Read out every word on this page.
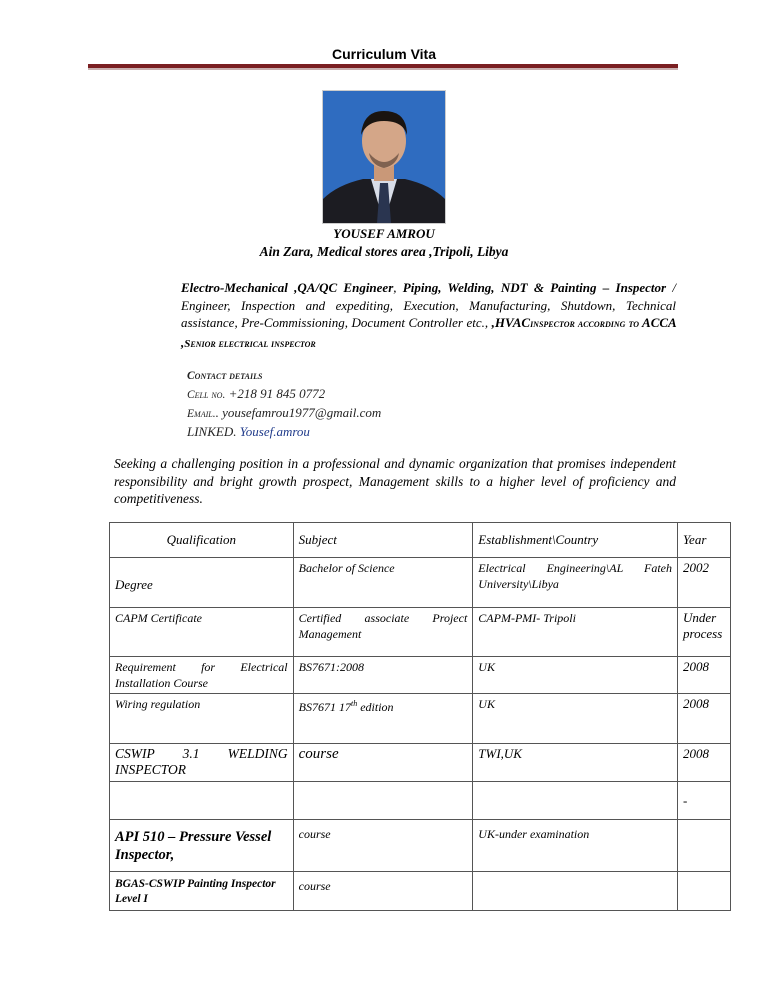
Curriculum Vita
YOUSEF AMROU
Ain Zara, Medical stores area ,Tripoli, Libya
Electro-Mechanical ,QA/QC Engineer, Piping, Welding, NDT & Painting – Inspector / Engineer, Inspection and expediting, Execution, Manufacturing, Shutdown, Technical assistance, Pre-Commissioning, Document Controller etc., ,HVACinspector according to ACCA ,Senior electrical inspector
Contact details
Cell no. +218 91 845 0772
Email.. yousefamrou1977@gmail.com
LINKED. Yousef.amrou
Seeking a challenging position in a professional and dynamic organization that promises independent responsibility and bright growth prospect, Management skills to a higher level of proficiency and competitiveness.
Qualification	Subject	Establishment\Country	Year
Degree	Bachelor of Science	Electrical Engineering\AL Fateh University\Libya	2002
CAPM Certificate	Certified associate Project Management	CAPM-PMI- Tripoli	Under process
Requirement for Electrical Installation Course	BS7671:2008	UK	2008
Wiring regulation	BS7671 17th edition	UK	2008
CSWIP 3.1 WELDING INSPECTOR	course	TWI,UK	2008
			-
API 510 – Pressure Vessel Inspector,	course	UK-under examination	
BGAS-CSWIP Painting Inspector Level I	course		
